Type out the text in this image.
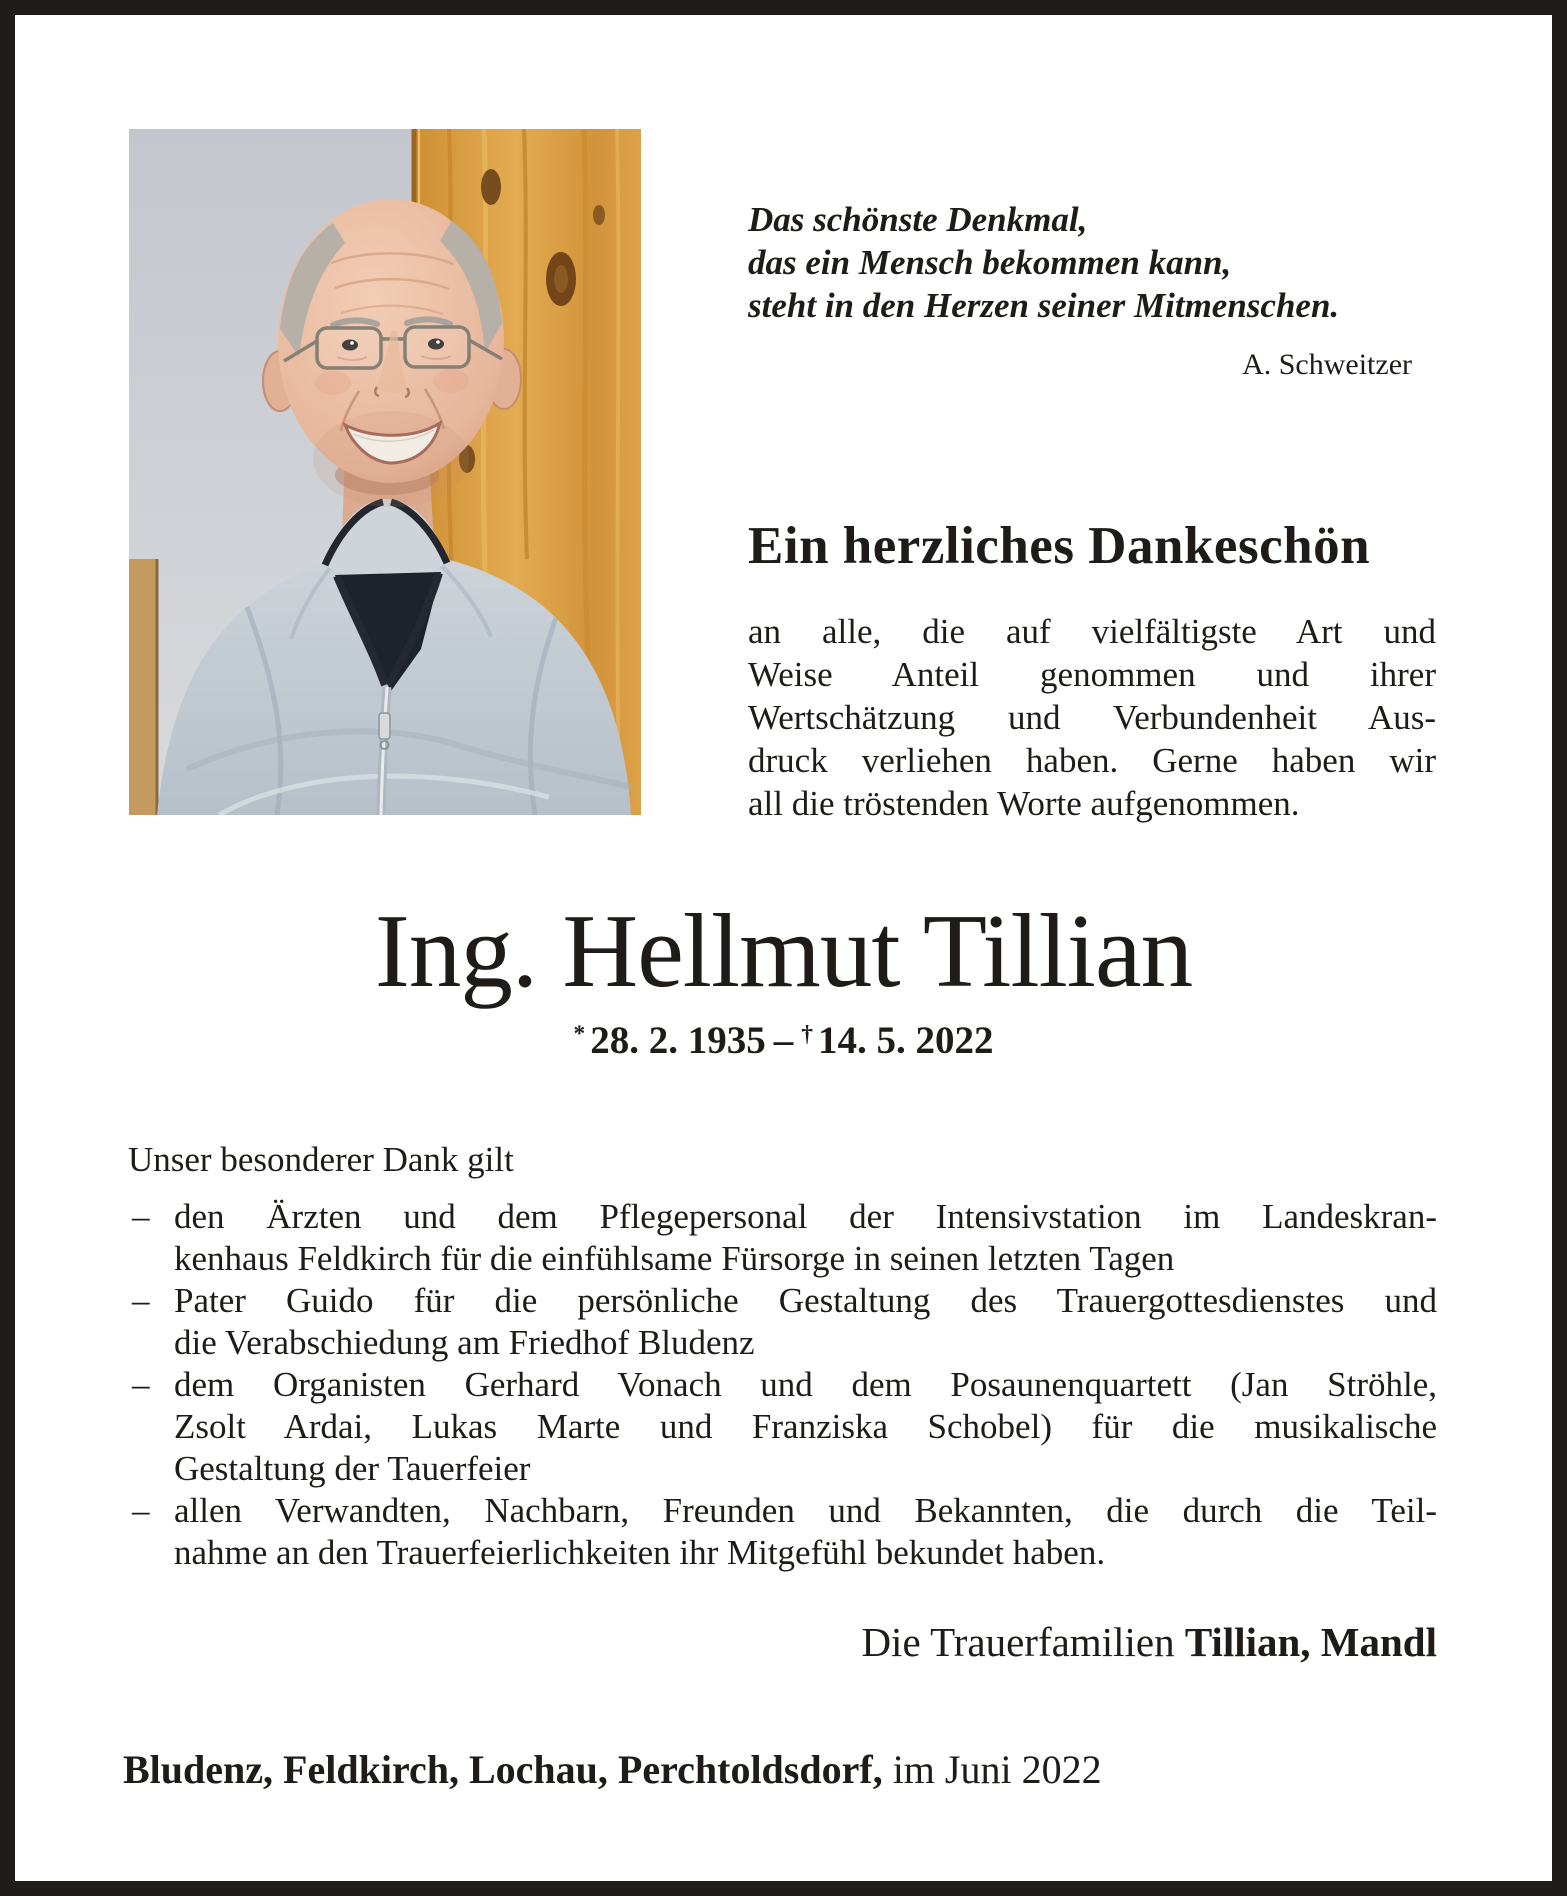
Das schönste Denkmal,
das ein Mensch bekommen kann,
steht in den Herzen seiner Mitmenschen.
A. Schweitzer
Ein herzliches Dankeschön
an alle, die auf vielfältigste Art und
Weise Anteil genommen und ihrer
Wertschätzung und Verbundenheit Aus-
druck verliehen haben. Gerne haben wir
all die tröstenden Worte aufgenommen.
Ing. Hellmut Tillian
* 28. 2. 1935 – † 14. 5. 2022
Unser besonderer Dank gilt
– den Ärzten und dem Pflegepersonal der Intensivstation im Landeskran-
kenhaus Feldkirch für die einfühlsame Fürsorge in seinen letzten Tagen
– Pater Guido für die persönliche Gestaltung des Trauergottesdienstes und
die Verabschiedung am Friedhof Bludenz
– dem Organisten Gerhard Vonach und dem Posaunenquartett (Jan Ströhle,
Zsolt Ardai, Lukas Marte und Franziska Schobel) für die musikalische
Gestaltung der Tauerfeier
– allen Verwandten, Nachbarn, Freunden und Bekannten, die durch die Teil-
nahme an den Trauerfeierlichkeiten ihr Mitgefühl bekundet haben.
Die Trauerfamilien Tillian, Mandl
Bludenz, Feldkirch, Lochau, Perchtoldsdorf, im Juni 2022
